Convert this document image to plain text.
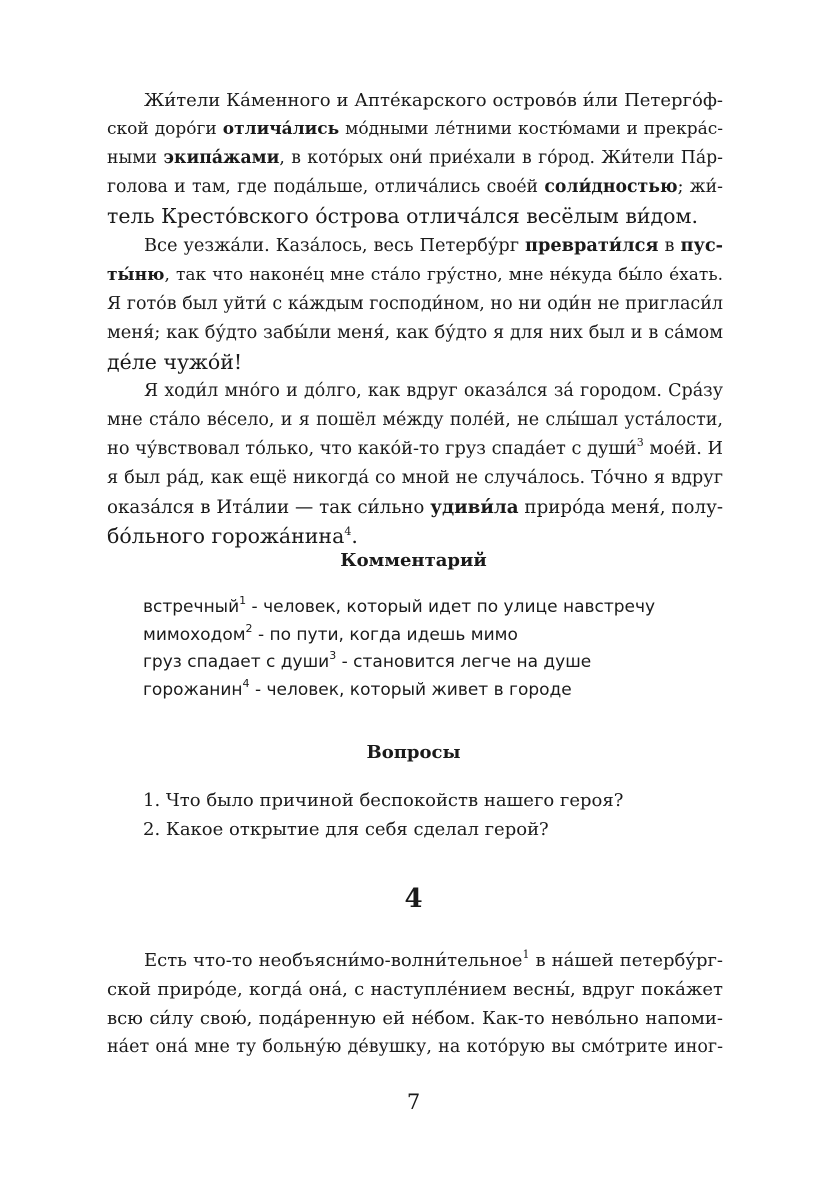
Жи́тели Ка́менного и Апте́карского острово́в и́ли Петерго́ф-
ской доро́ги отлича́лись мо́дными ле́тними костю́мами и прекра́с-
ными экипа́жами, в кото́рых они́ прие́хали в го́род. Жи́тели Па́р-
голова и там, где пода́льше, отлича́лись свое́й соли́дностью; жи́-
тель Кресто́вского о́строва отлича́лся весёлым ви́дом.
Все уезжа́ли. Каза́лось, весь Петербу́рг преврати́лся в пус-
ты́ню, так что наконе́ц мне ста́ло гру́стно, мне не́куда бы́ло е́хать.
Я гото́в был уйти́ с ка́ждым господи́ном, но ни оди́н не пригласи́л
меня́; как бу́дто забы́ли меня́, как бу́дто я для них был и в са́мом
де́ле чужо́й!
Я ходи́л мно́го и до́лго, как вдруг оказа́лся за́ городом. Сра́зу
мне ста́ло ве́село, и я пошёл ме́жду поле́й, не слы́шал уста́лости,
но чу́вствовал то́лько, что како́й-то груз спада́ет с души́$^3$ мое́й. И
я был ра́д, как ещё никогда́ со мной не случа́лось. То́чно я вдруг
оказа́лся в Ита́лии — так си́льно удиви́ла приро́да меня́, полу-
бо́льного горожа́нина$^4$.
Комментарий
встречный$^1$ - человек, который идет по улице навстречу
мимоходом$^2$ - по пути, когда идешь мимо
груз спадает с души$^3$ - становится легче на душе
горожанин$^4$ - человек, который живет в городе
Вопросы
1. Что было причиной беспокойств нашего героя?
2. Какое открытие для себя сделал герой?
4
Есть что-то необъясни́мо-волни́тельное$^1$ в на́шей петербу́рг-
ской приро́де, когда́ она́, с наступле́нием весны́, вдруг пока́жет
всю си́лу свою́, пода́ренную ей не́бом. Как-то нево́льно напоми-
на́ет она́ мне ту больну́ю де́вушку, на кото́рую вы смо́трите иног-
7
